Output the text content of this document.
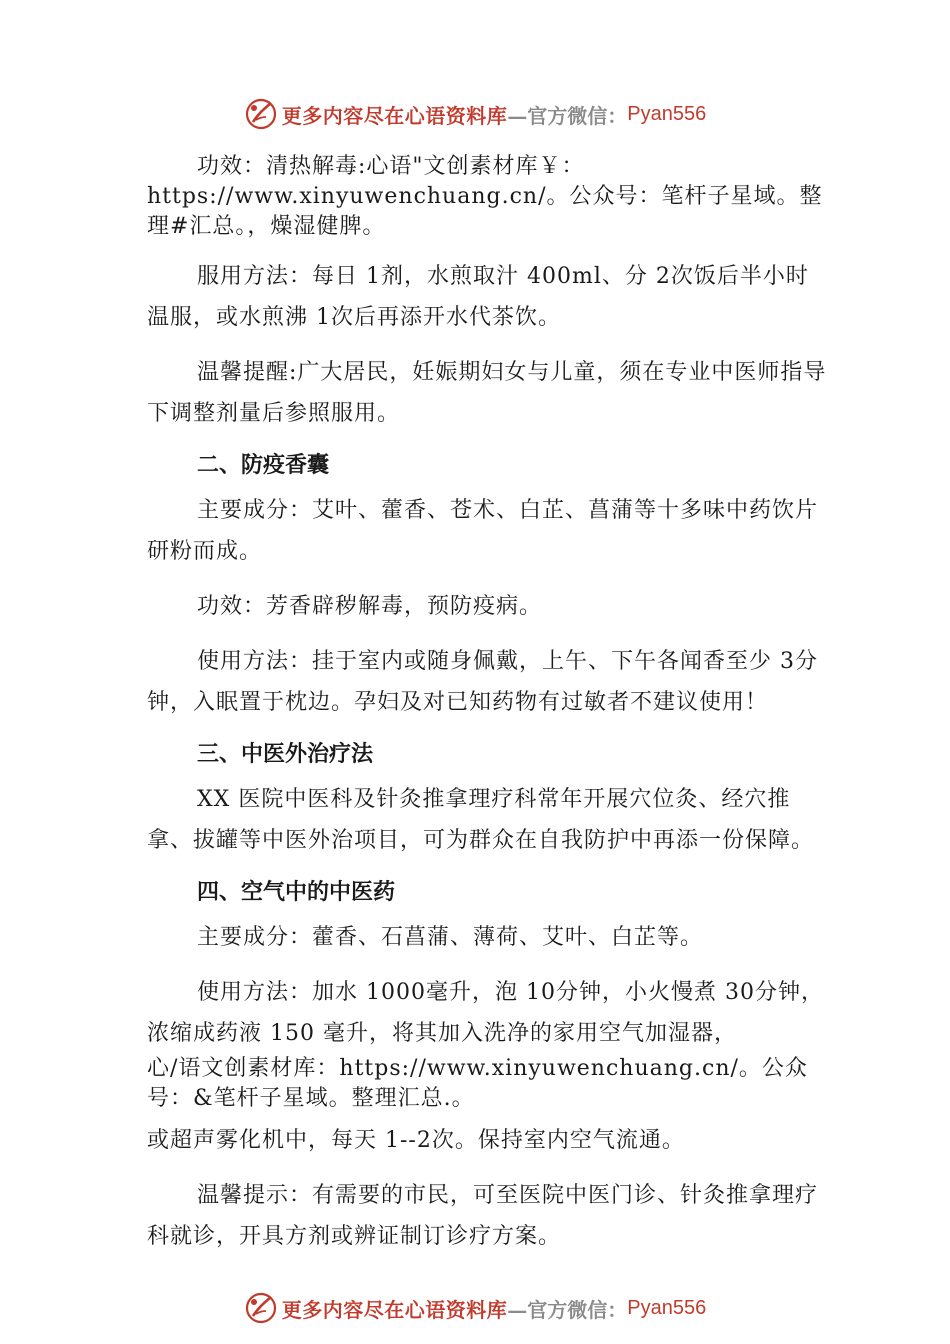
更多内容尽在心语资料库 —官方微信： Pyan556

功效：清热解毒:心语"文创素材库￥：https://www.xinyuwenchuang.cn/。公众号：笔杆子星域。整理#汇总。，燥湿健脾。

服用方法：每日 1剂，水煎取汁 400ml、分 2次饭后半小时温服，或水煎沸 1次后再添开水代茶饮。

温馨提醒:广大居民，妊娠期妇女与儿童，须在专业中医师指导下调整剂量后参照服用。

二、防疫香囊

主要成分：艾叶、藿香、苍术、白芷、菖蒲等十多味中药饮片研粉而成。

功效：芳香辟秽解毒，预防疫病。

使用方法：挂于室内或随身佩戴，上午、下午各闻香至少 3分钟，入眠置于枕边。孕妇及对已知药物有过敏者不建议使用！

三、中医外治疗法

XX 医院中医科及针灸推拿理疗科常年开展穴位灸、经穴推拿、拔罐等中医外治项目，可为群众在自我防护中再添一份保障。

四、空气中的中医药

主要成分：藿香、石菖蒲、薄荷、艾叶、白芷等。

使用方法：加水 1000毫升，泡 10分钟，小火慢煮 30分钟，浓缩成药液 150 毫升，将其加入洗净的家用空气加湿器，

心/语文创素材库：https://www.xinyuwenchuang.cn/。公众号：&笔杆子星域。整理汇总.。

或超声雾化机中，每天 1--2次。保持室内空气流通。

温馨提示：有需要的市民，可至医院中医门诊、针灸推拿理疗科就诊，开具方剂或辨证制订诊疗方案。

更多内容尽在心语资料库 —官方微信： Pyan556
